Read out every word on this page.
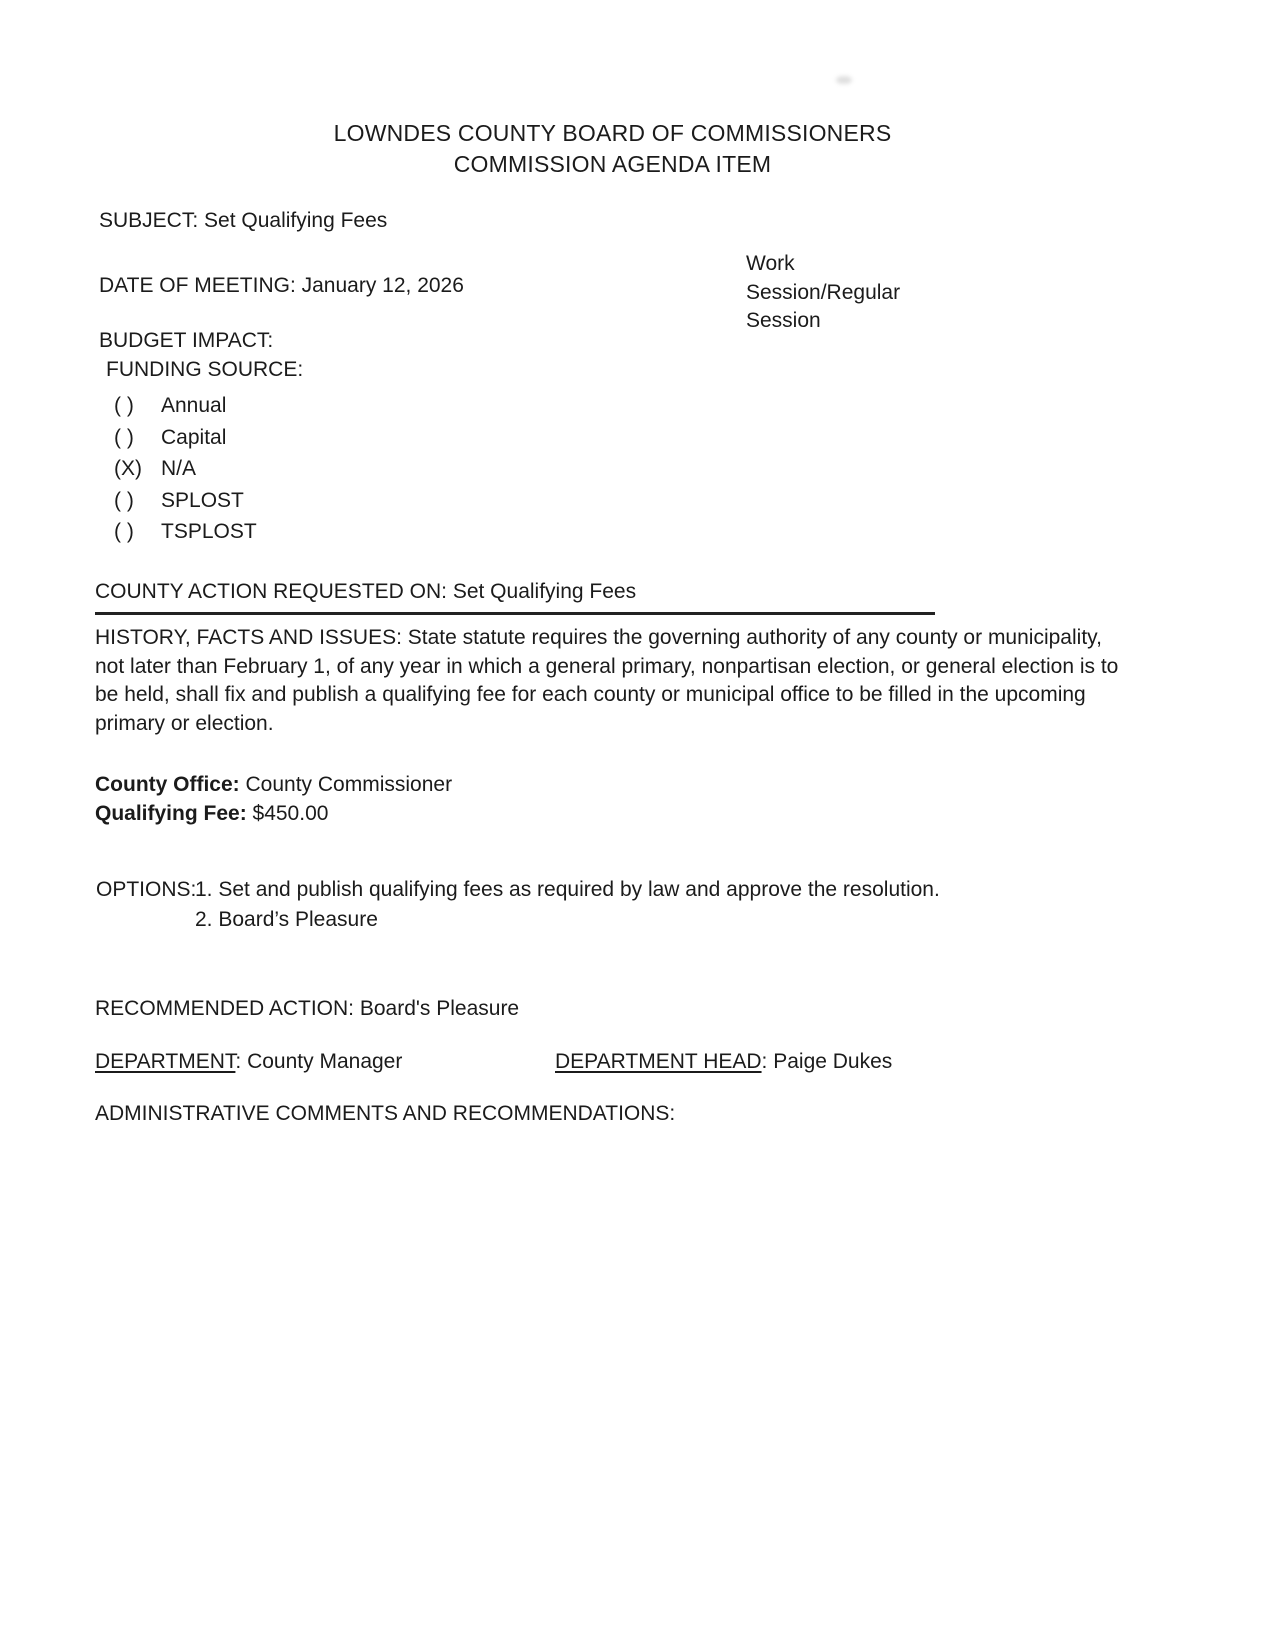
LOWNDES COUNTY BOARD OF COMMISSIONERS
COMMISSION AGENDA ITEM
SUBJECT: Set Qualifying Fees
Work
Session/Regular
Session
DATE OF MEETING: January 12, 2026
BUDGET IMPACT:
FUNDING SOURCE:
( )	Annual
( )	Capital
(X) N/A
( )	SPLOST
( )	TSPLOST
COUNTY ACTION REQUESTED ON: Set Qualifying Fees
HISTORY, FACTS AND ISSUES: State statute requires the governing authority of any county or municipality, not later than February 1, of any year in which a general primary, nonpartisan election, or general election is to be held, shall fix and publish a qualifying fee for each county or municipal office to be filled in the upcoming primary or election.
County Office: County Commissioner
Qualifying Fee: $450.00
OPTIONS:
1. Set and publish qualifying fees as required by law and approve the resolution.
2. Board’s Pleasure
RECOMMENDED ACTION: Board's Pleasure
DEPARTMENT: County Manager	DEPARTMENT HEAD: Paige Dukes
ADMINISTRATIVE COMMENTS AND RECOMMENDATIONS:
